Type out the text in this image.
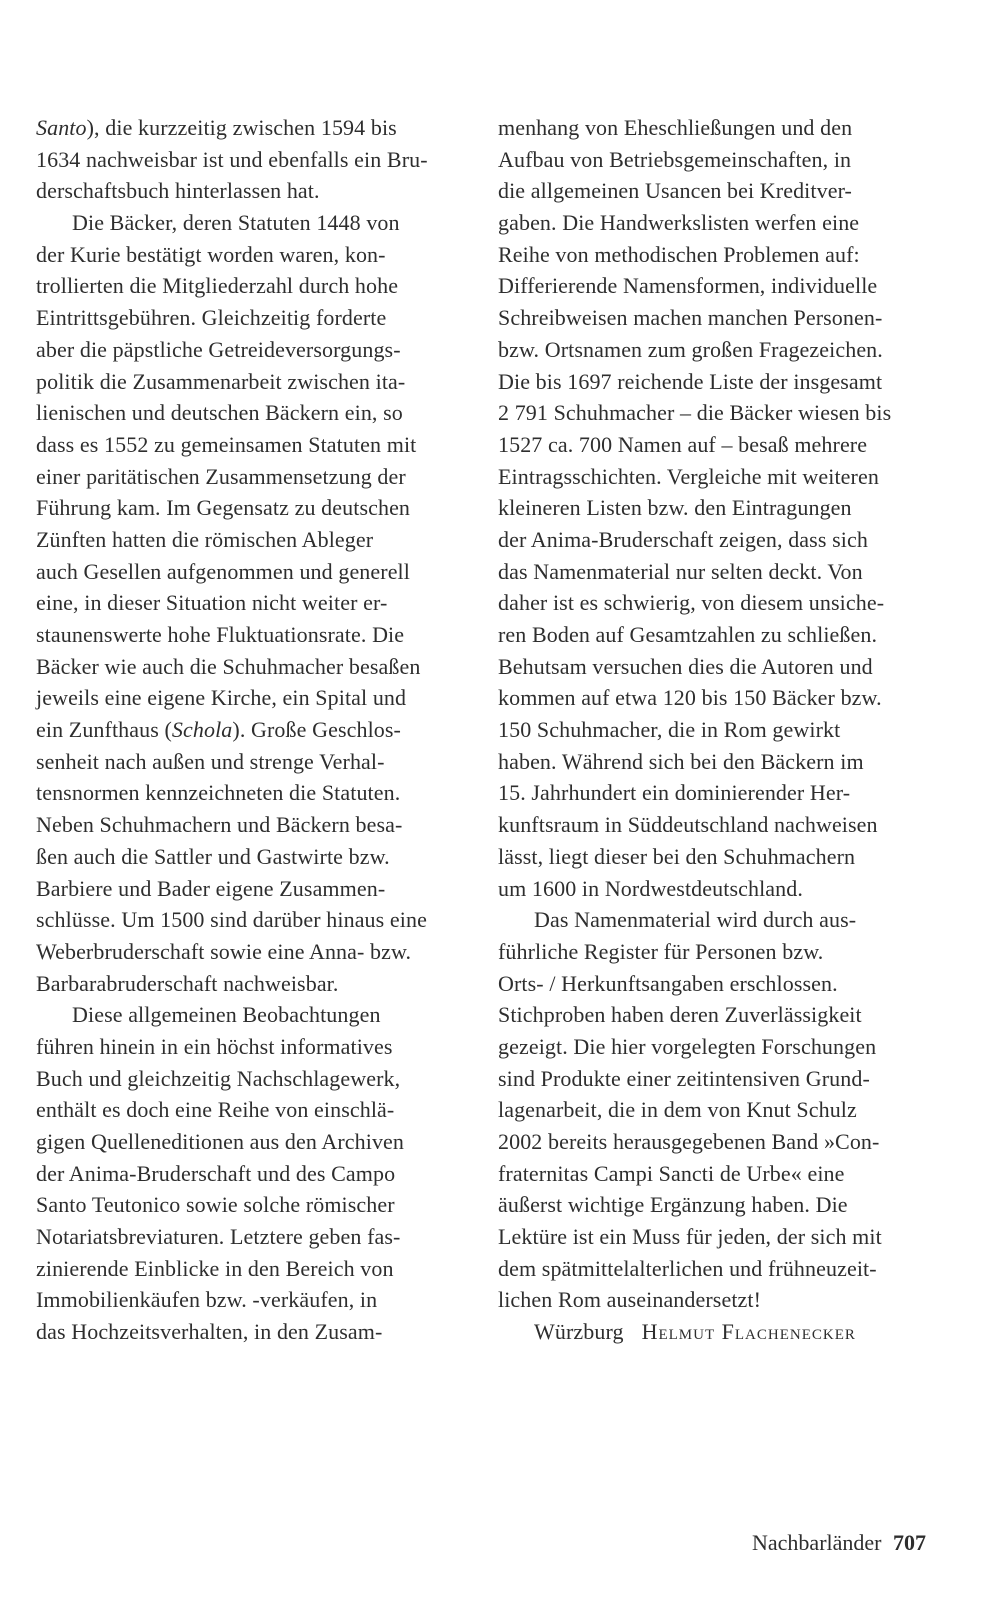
Santo), die kurzzeitig zwischen 1594 bis
1634 nachweisbar ist und ebenfalls ein Bru-
derschaftsbuch hinterlassen hat.
Die Bäcker, deren Statuten 1448 von
der Kurie bestätigt worden waren, kon-
trollierten die Mitgliederzahl durch hohe
Eintrittsgebühren. Gleichzeitig forderte
aber die päpstliche Getreideversorgungs-
politik die Zusammenarbeit zwischen ita-
lienischen und deutschen Bäckern ein, so
dass es 1552 zu gemeinsamen Statuten mit
einer paritätischen Zusammensetzung der
Führung kam. Im Gegensatz zu deutschen
Zünften hatten die römischen Ableger
auch Gesellen aufgenommen und generell
eine, in dieser Situation nicht weiter er-
staunenswerte hohe Fluktuationsrate. Die
Bäcker wie auch die Schuhmacher besaßen
jeweils eine eigene Kirche, ein Spital und
ein Zunfthaus (Schola). Große Geschlos-
senheit nach außen und strenge Verhal-
tensnormen kennzeichneten die Statuten.
Neben Schuhmachern und Bäckern besa-
ßen auch die Sattler und Gastwirte bzw.
Barbiere und Bader eigene Zusammen-
schlüsse. Um 1500 sind darüber hinaus eine
Weberbruderschaft sowie eine Anna- bzw.
Barbarabruderschaft nachweisbar.
Diese allgemeinen Beobachtungen
führen hinein in ein höchst informatives
Buch und gleichzeitig Nachschlagewerk,
enthält es doch eine Reihe von einschlä-
gigen Quelleneditionen aus den Archiven
der Anima-Bruderschaft und des Campo
Santo Teutonico sowie solche römischer
Notariatsbreviaturen. Letztere geben fas-
zinierende Einblicke in den Bereich von
Immobilienkäufen bzw. -verkäufen, in
das Hochzeitsverhalten, in den Zusam-
menhang von Eheschließungen und den
Aufbau von Betriebsgemeinschaften, in
die allgemeinen Usancen bei Kreditver-
gaben. Die Handwerkslisten werfen eine
Reihe von methodischen Problemen auf:
Differierende Namensformen, individuelle
Schreibweisen machen manchen Personen-
bzw. Ortsnamen zum großen Fragezeichen.
Die bis 1697 reichende Liste der insgesamt
2 791 Schuhmacher – die Bäcker wiesen bis
1527 ca. 700 Namen auf – besaß mehrere
Eintragsschichten. Vergleiche mit weiteren
kleineren Listen bzw. den Eintragungen
der Anima-Bruderschaft zeigen, dass sich
das Namenmaterial nur selten deckt. Von
daher ist es schwierig, von diesem unsiche-
ren Boden auf Gesamtzahlen zu schließen.
Behutsam versuchen dies die Autoren und
kommen auf etwa 120 bis 150 Bäcker bzw.
150 Schuhmacher, die in Rom gewirkt
haben. Während sich bei den Bäckern im
15. Jahrhundert ein dominierender Her-
kunftsraum in Süddeutschland nachweisen
lässt, liegt dieser bei den Schuhmachern
um 1600 in Nordwestdeutschland.
Das Namenmaterial wird durch aus-
führliche Register für Personen bzw.
Orts- / Herkunftsangaben erschlossen.
Stichproben haben deren Zuverlässigkeit
gezeigt. Die hier vorgelegten Forschungen
sind Produkte einer zeitintensiven Grund-
lagenarbeit, die in dem von Knut Schulz
2002 bereits herausgegebenen Band »Con-
fraternitas Campi Sancti de Urbe« eine
äußerst wichtige Ergänzung haben. Die
Lektüre ist ein Muss für jeden, der sich mit
dem spätmittelalterlichen und frühneuzeit-
lichen Rom auseinandersetzt!
Würzburg Helmut Flachenecker
Nachbarländer 707
